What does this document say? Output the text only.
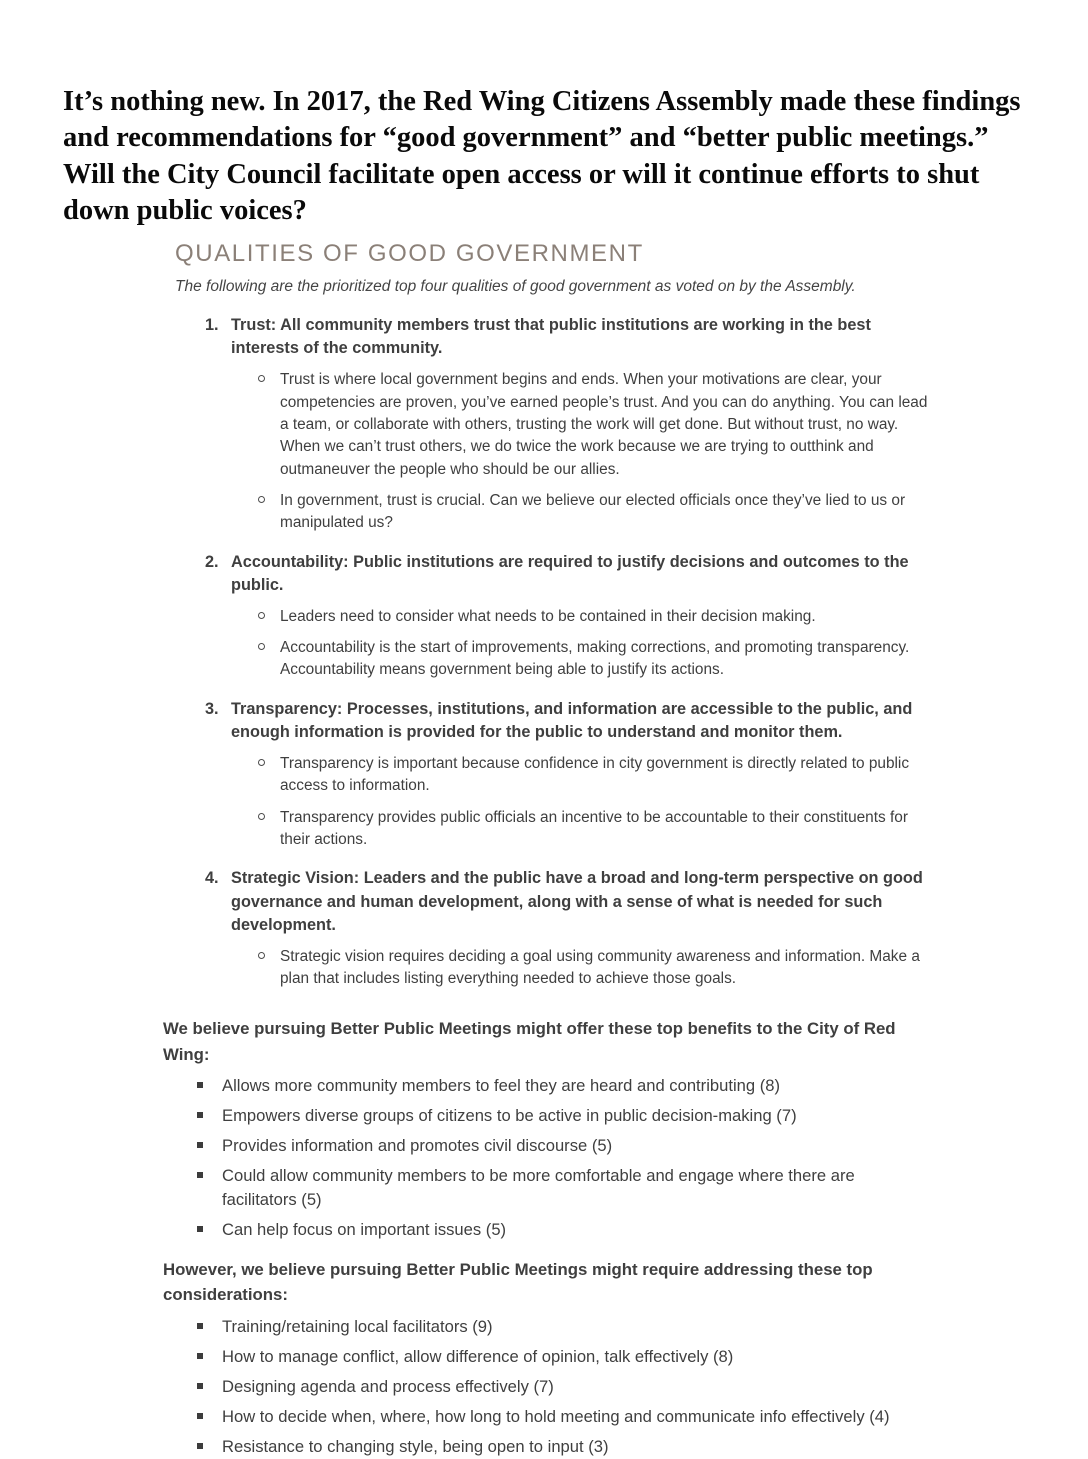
It’s nothing new. In 2017, the Red Wing Citizens Assembly made these findings and recommendations for “good government” and “better public meetings.” Will the City Council facilitate open access or will it continue efforts to shut down public voices?

QUALITIES OF GOOD GOVERNMENT

The following are the prioritized top four qualities of good government as voted on by the Assembly.

1. Trust: All community members trust that public institutions are working in the best interests of the community.
Trust is where local government begins and ends. When your motivations are clear, your competencies are proven, you’ve earned people’s trust. And you can do anything. You can lead a team, or collaborate with others, trusting the work will get done. But without trust, no way. When we can’t trust others, we do twice the work because we are trying to outthink and outmaneuver the people who should be our allies.
In government, trust is crucial. Can we believe our elected officials once they’ve lied to us or manipulated us?
2. Accountability: Public institutions are required to justify decisions and outcomes to the public.
Leaders need to consider what needs to be contained in their decision making.
Accountability is the start of improvements, making corrections, and promoting transparency. Accountability means government being able to justify its actions.
3. Transparency: Processes, institutions, and information are accessible to the public, and enough information is provided for the public to understand and monitor them.
Transparency is important because confidence in city government is directly related to public access to information.
Transparency provides public officials an incentive to be accountable to their constituents for their actions.
4. Strategic Vision: Leaders and the public have a broad and long-term perspective on good governance and human development, along with a sense of what is needed for such development.
Strategic vision requires deciding a goal using community awareness and information. Make a plan that includes listing everything needed to achieve those goals.

We believe pursuing Better Public Meetings might offer these top benefits to the City of Red Wing:

Allows more community members to feel they are heard and contributing (8)
Empowers diverse groups of citizens to be active in public decision-making (7)
Provides information and promotes civil discourse (5)
Could allow community members to be more comfortable and engage where there are facilitators (5)
Can help focus on important issues (5)

However, we believe pursuing Better Public Meetings might require addressing these top considerations:

Training/retaining local facilitators (9)
How to manage conflict, allow difference of opinion, talk effectively (8)
Designing agenda and process effectively (7)
How to decide when, where, how long to hold meeting and communicate info effectively (4)
Resistance to changing style, being open to input (3)
